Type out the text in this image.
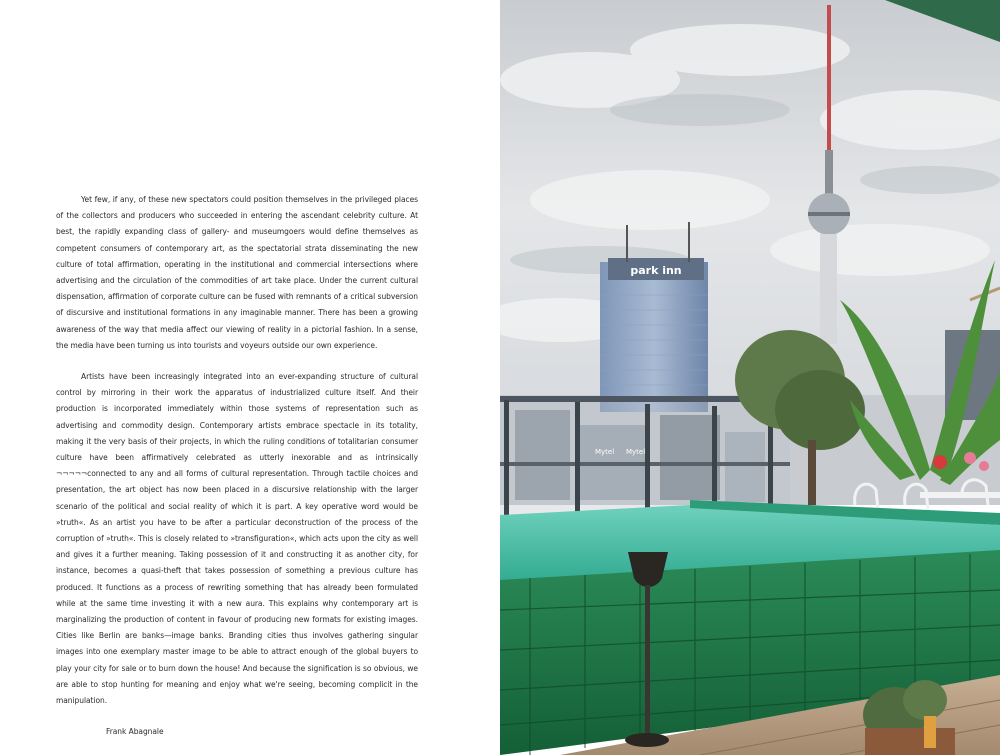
Yet few, if any, of these new spectators could position themselves in the privileged places of the collectors and producers who succeeded in entering the ascendant celebrity culture. At best, the rapidly expanding class of gallery- and museumgoers would define themselves as competent consumers of contemporary art, as the spectatorial strata disseminating the new culture of total affirmation, operating in the institutional and commercial intersections where advertising and the circulation of the commodities of art take place. Under the current cultural dispensation, affirmation of corporate culture can be fused with remnants of a critical subversion of discursive and institutional formations in any imaginable manner. There has been a growing awareness of the way that media affect our viewing of reality in a pictorial fashion. In a sense, the media have been turning us into tourists and voyeurs outside our own experience.

Artists have been increasingly integrated into an ever-expanding structure of cultural control by mirroring in their work the apparatus of industrialized culture itself. And their production is incorporated immediately within those systems of representation such as advertising and commodity design. Contemporary artists embrace spectacle in its totality, making it the very basis of their projects, in which the ruling conditions of totalitarian consumer culture have been affirmatively celebrated as utterly inexorable and as intrinsically ¬¬¬¬¬connected to any and all forms of cultural representation. Through tactile choices and presentation, the art object has now been placed in a discursive relationship with the larger scenario of the political and social reality of which it is part. A key operative word would be »truth«. As an artist you have to be after a particular deconstruction of the process of the corruption of »truth«. This is closely related to »transfiguration«, which acts upon the city as well and gives it a further meaning. Taking possession of it and constructing it as another city, for instance, becomes a quasi-theft that takes possession of something a previous culture has produced. It functions as a process of rewriting something that has already been formulated while at the same time investing it with a new aura. This explains why contemporary art is marginalizing the production of content in favour of producing new formats for existing images. Cities like Berlin are banks—image banks. Branding cities thus involves gathering singular images into one exemplary master image to be able to attract enough of the global buyers to play your city for sale or to burn down the house! And because the signification is so obvious, we are able to stop hunting for meaning and enjoy what we're seeing, becoming complicit in the manipulation.

Frank Abagnale

park inn
Mytel Mytel
